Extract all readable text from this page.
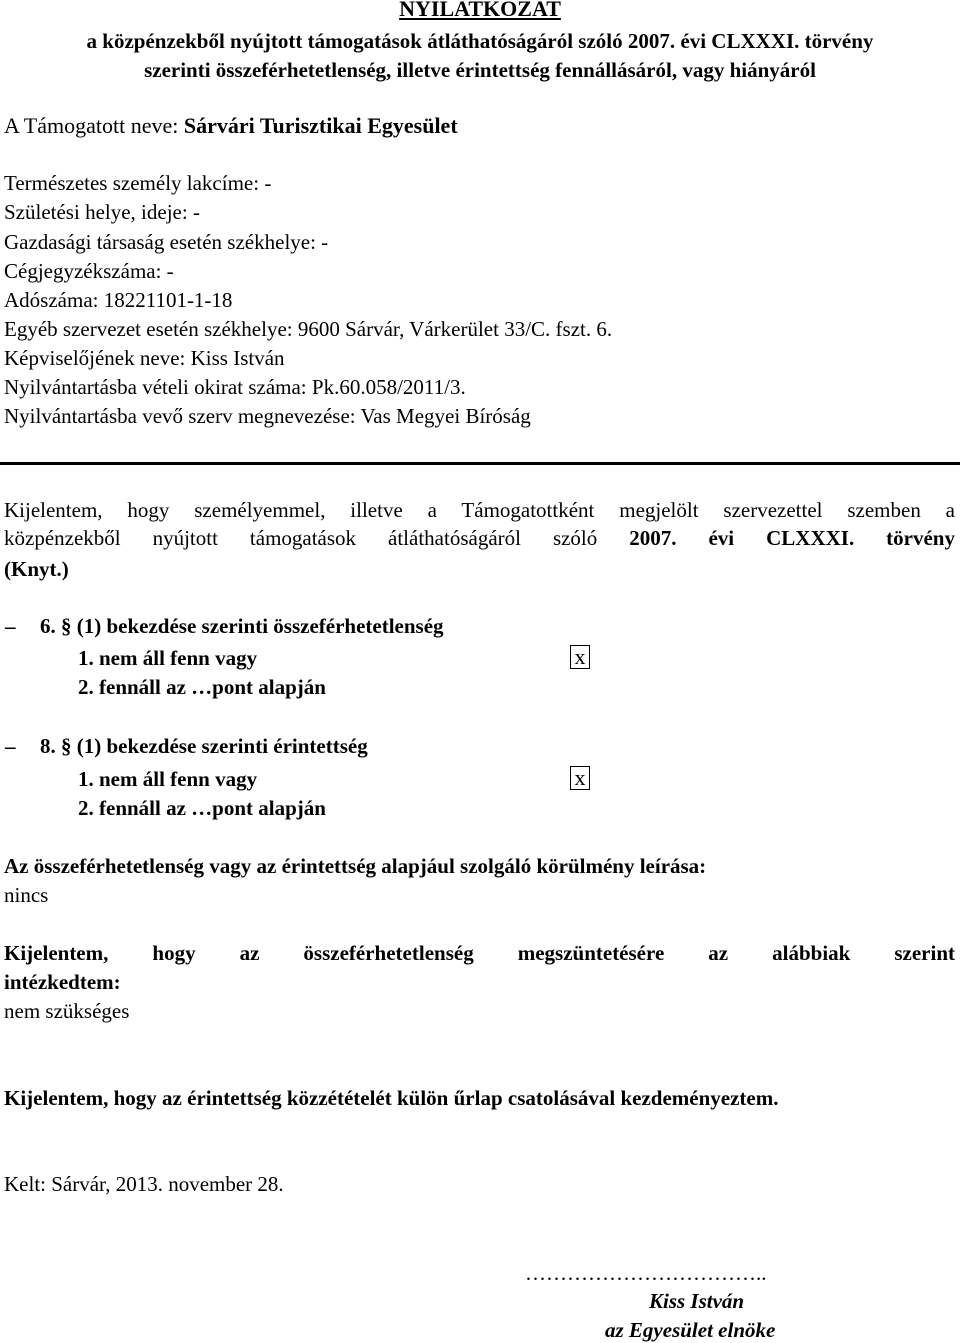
NYILATKOZAT
a közpénzekből nyújtott támogatások átláthatóságáról szóló 2007. évi CLXXXI. törvény
szerinti összeférhetetlenség, illetve érintettség fennállásáról, vagy hiányáról
A Támogatott neve: Sárvári Turisztikai Egyesület
Természetes személy lakcíme: -
Születési helye, ideje: -
Gazdasági társaság esetén székhelye: -
Cégjegyzékszáma: -
Adószáma: 18221101-1-18
Egyéb szervezet esetén székhelye: 9600 Sárvár, Várkerület 33/C. fszt. 6.
Képviselőjének neve: Kiss István
Nyilvántartásba vételi okirat száma: Pk.60.058/2011/3.
Nyilvántartásba vevő szerv megnevezése: Vas Megyei Bíróság
Kijelentem, hogy személyemmel, illetve a Támogatottként megjelölt szervezettel szemben a
közpénzekből nyújtott támogatások átláthatóságáról szóló 2007. évi CLXXXI. törvény
(Knyt.)
– 6. § (1) bekezdése szerinti összeférhetetlenség
1. nem áll fenn vagy	x
2. fennáll az …pont alapján
– 8. § (1) bekezdése szerinti érintettség
1. nem áll fenn vagy	x
2. fennáll az …pont alapján
Az összeférhetetlenség vagy az érintettség alapjául szolgáló körülmény leírása:
nincs
Kijelentem, hogy az összeférhetetlenség megszüntetésére az alábbiak szerint
intézkedtem:
nem szükséges
Kijelentem, hogy az érintettség közzétételét külön űrlap csatolásával kezdeményeztem.
Kelt: Sárvár, 2013. november 28.
……………………………..
Kiss István
az Egyesület elnöke
